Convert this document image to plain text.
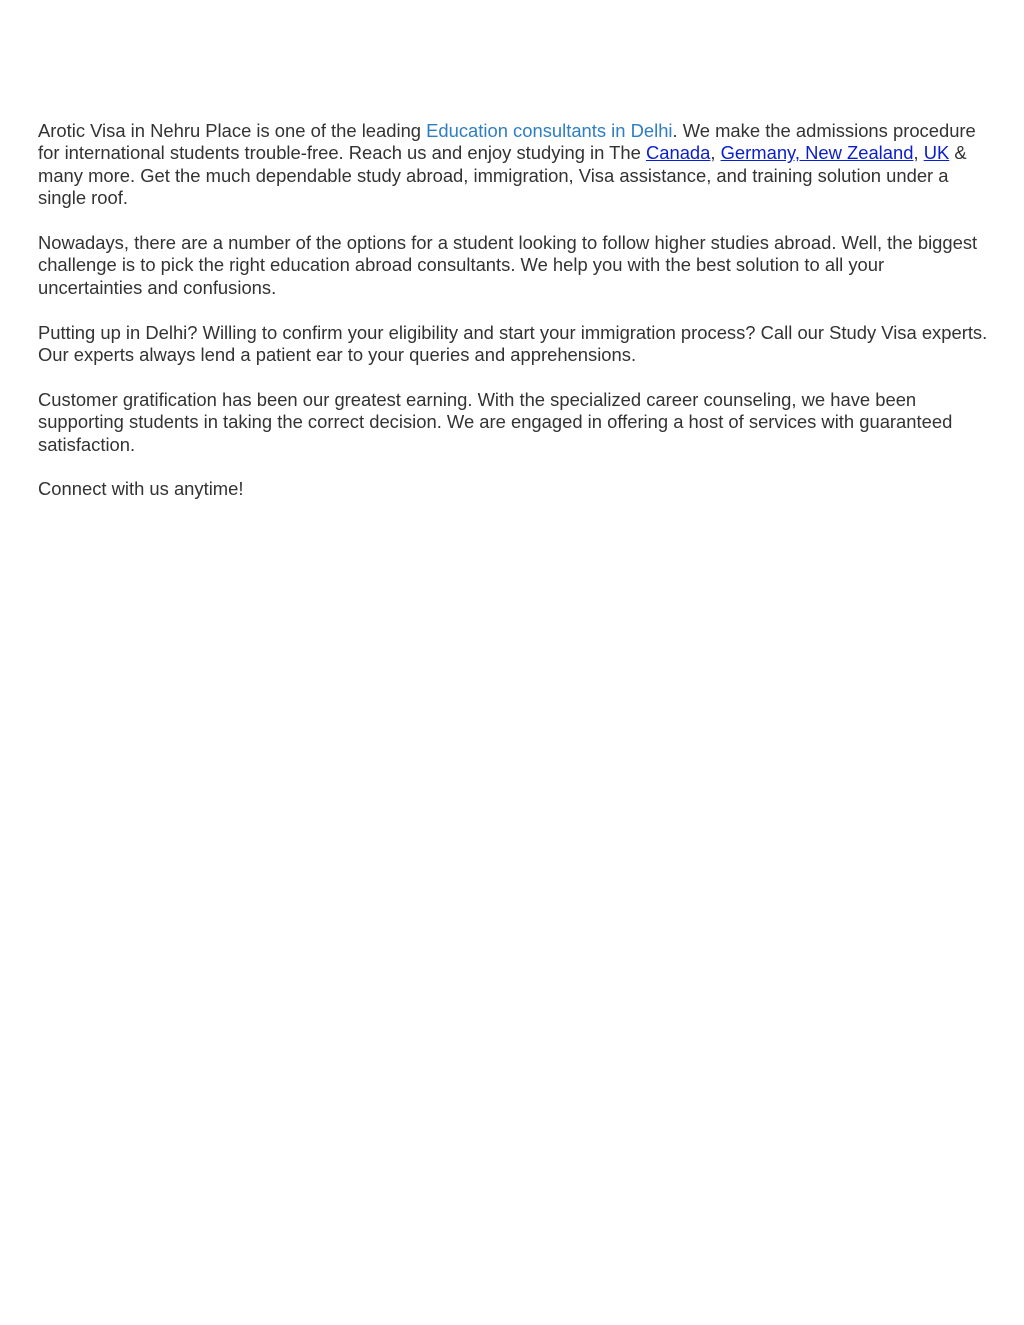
Arotic Visa in Nehru Place is one of the leading Education consultants in Delhi. We make the admissions procedure for international students trouble-free. Reach us and enjoy studying in The Canada, Germany, New Zealand, UK & many more. Get the much dependable study abroad, immigration, Visa assistance, and training solution under a single roof.

Nowadays, there are a number of the options for a student looking to follow higher studies abroad. Well, the biggest challenge is to pick the right education abroad consultants. We help you with the best solution to all your uncertainties and confusions.

Putting up in Delhi? Willing to confirm your eligibility and start your immigration process? Call our Study Visa experts. Our experts always lend a patient ear to your queries and apprehensions.

Customer gratification has been our greatest earning. With the specialized career counseling, we have been supporting students in taking the correct decision. We are engaged in offering a host of services with guaranteed satisfaction.

Connect with us anytime!
